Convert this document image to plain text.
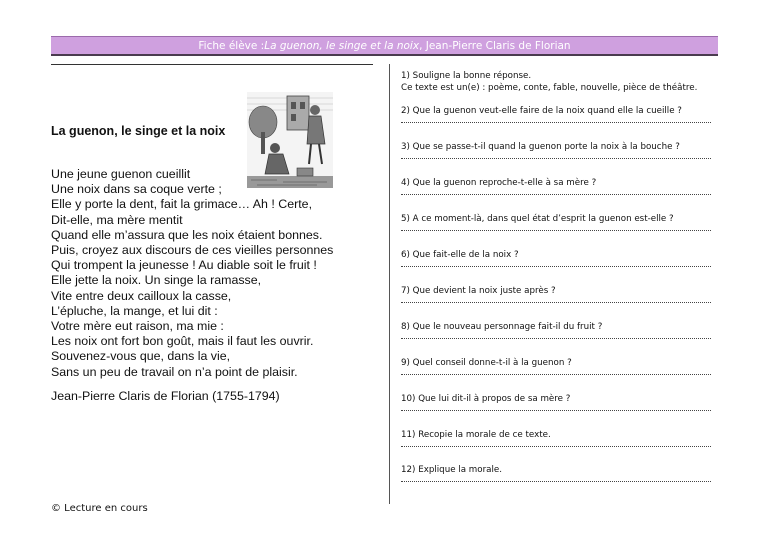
Fiche élève : La guenon, le singe et la noix , Jean-Pierre Claris de Florian
La guenon, le singe et la noix
Une jeune guenon cueillit
Une noix dans sa coque verte ;
Elle y porte la dent, fait la grimace… Ah ! Certe,
Dit-elle, ma mère mentit
Quand elle m’assura que les noix étaient bonnes.
Puis, croyez aux discours de ces vieilles personnes
Qui trompent la jeunesse ! Au diable soit le fruit !
Elle jette la noix. Un singe la ramasse,
Vite entre deux cailloux la casse,
L’épluche, la mange, et lui dit :
Votre mère eut raison, ma mie :
Les noix ont fort bon goût, mais il faut les ouvrir.
Souvenez-vous que, dans la vie,
Sans un peu de travail on n’a point de plaisir.
Jean-Pierre Claris de Florian (1755-1794)
© Lecture en cours
1) Souligne la bonne réponse.
Ce texte est un(e) : poème, conte, fable, nouvelle, pièce de théâtre.
2) Que la guenon veut-elle faire de la noix quand elle la cueille ?
3) Que se passe-t-il quand la guenon porte la noix à la bouche ?
4) Que la guenon reproche-t-elle à sa mère ?
5) A ce moment-là, dans quel état d’esprit la guenon est-elle ?
6) Que fait-elle de la noix ?
7) Que devient la noix juste après ?
8) Que le nouveau personnage fait-il du fruit ?
9) Quel conseil donne-t-il à la guenon ?
10) Que lui dit-il à propos de sa mère ?
11) Recopie la morale de ce texte.
12) Explique la morale.
